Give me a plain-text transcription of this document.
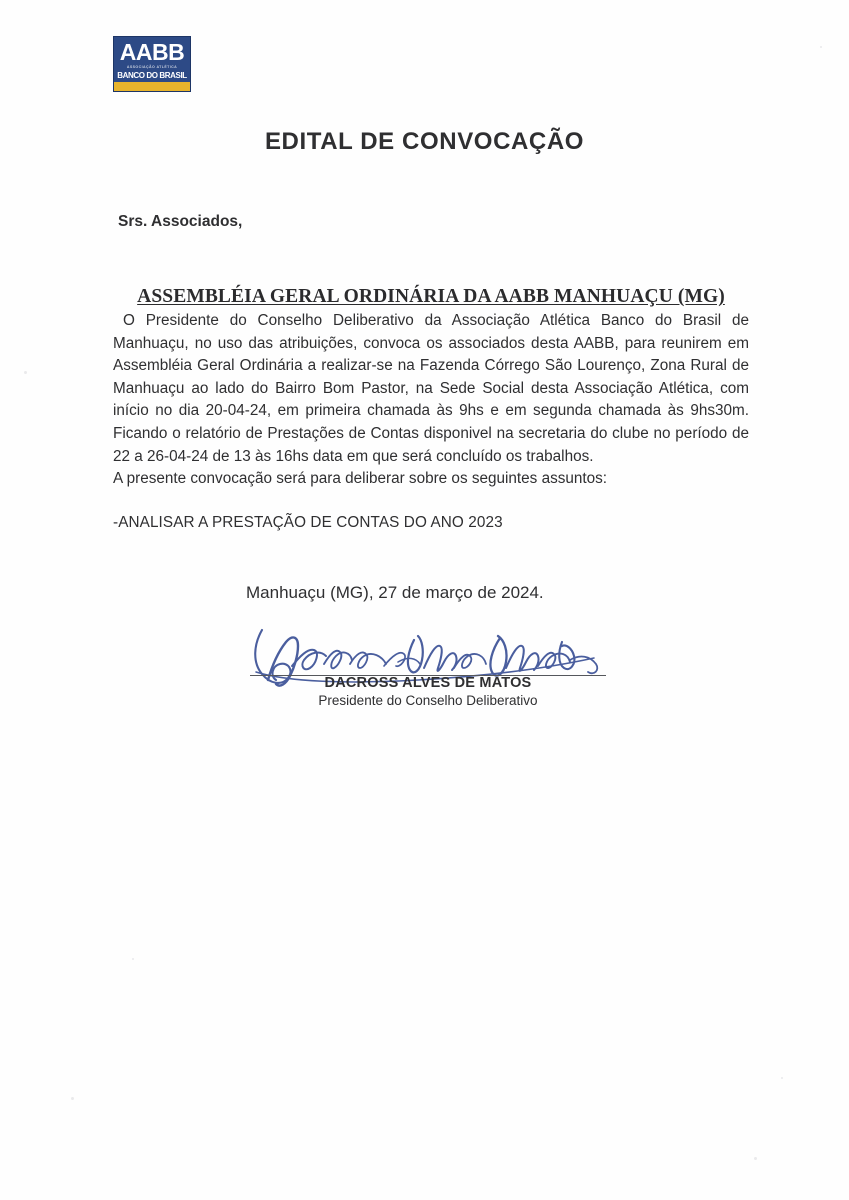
AABB
ASSOCIAÇÃO ATLÉTICA
BANCO DO BRASIL
EDITAL DE CONVOCAÇÃO
Srs. Associados,
ASSEMBLÉIA GERAL ORDINÁRIA DA AABB MANHUAÇU (MG)

O Presidente do Conselho Deliberativo da Associação Atlética Banco do Brasil de Manhuaçu, no uso das atribuições, convoca os associados desta AABB, para reunirem em Assembléia Geral Ordinária a realizar-se na Fazenda Córrego São Lourenço, Zona Rural de Manhuaçu ao lado do Bairro Bom Pastor, na Sede Social desta Associação Atlética, com início no dia 20-04-24, em primeira chamada às 9hs e em segunda chamada às 9hs30m. Ficando o relatório de Prestações de Contas disponivel na secretaria do clube no período de 22 a 26-04-24 de 13 às 16hs data em que será concluído os trabalhos.

A presente convocação será para deliberar sobre os seguintes assuntos:

-ANALISAR A PRESTAÇÃO DE CONTAS DO ANO 2023
Manhuaçu (MG), 27 de março de 2024.
DACROSS ALVES DE MATOS
Presidente do Conselho Deliberativo
